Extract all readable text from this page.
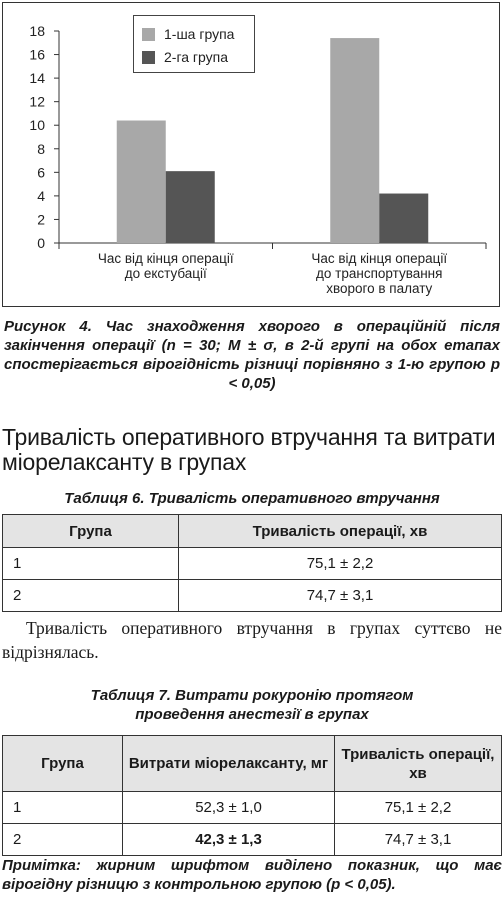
0
2
4
6
8
10
12
14
16
18
Час від кінця операції
до екстубації
Час від кінця операції
до транспортування
хворого в палату
1-ша група
2-га група
Рисунок 4. Час знаходження хворого в операційній після закінчення операції (n = 30; M ± σ, в 2-й групі на обох етапах спостерігається вірогідність різниці порівняно з 1-ю групою p < 0,05)
Тривалість оперативного втручання та витрати міорелаксанту в групах
Таблиця 6. Тривалість оперативного втручання
Група	Тривалість операції, хв
1	75,1 ± 2,2
2	74,7 ± 3,1

Тривалість оперативного втручання в групах суттєво не відрізнялась.

Таблиця 7. Витрати рокуронію протягом
проведення анестезії в групах
Група	Витрати міорелаксанту, мг	Тривалість операції, хв
1	52,3 ± 1,0	75,1 ± 2,2
2	42,3 ± 1,3	74,7 ± 3,1

Примітка: жирним шрифтом виділено показник, що має вірогідну різницю з контрольною групою (p < 0,05).
